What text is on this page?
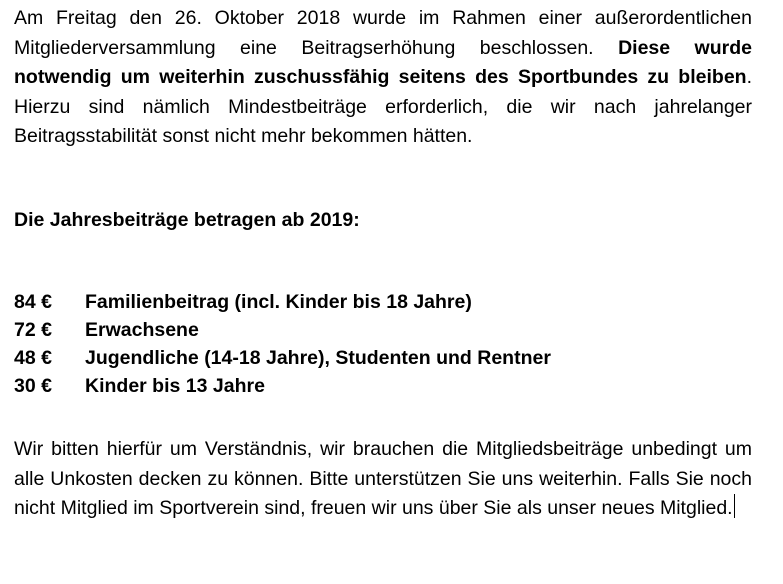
Am Freitag den 26. Oktober 2018 wurde im Rahmen einer außerordentlichen Mitgliederversammlung eine Beitragserhöhung beschlossen. Diese wurde notwendig um weiterhin zuschussfähig seitens des Sportbundes zu bleiben. Hierzu sind nämlich Mindestbeiträge erforderlich, die wir nach jahrelanger Beitragsstabilität sonst nicht mehr bekommen hätten.

Die Jahresbeiträge betragen ab 2019:

84 €	Familienbeitrag (incl. Kinder bis 18 Jahre)
72 €	Erwachsene
48 €	Jugendliche (14-18 Jahre), Studenten und Rentner
30 €	Kinder bis 13 Jahre

Wir bitten hierfür um Verständnis, wir brauchen die Mitgliedsbeiträge unbedingt um alle Unkosten decken zu können. Bitte unterstützen Sie uns weiterhin. Falls Sie noch nicht Mitglied im Sportverein sind, freuen wir uns über Sie als unser neues Mitglied.
